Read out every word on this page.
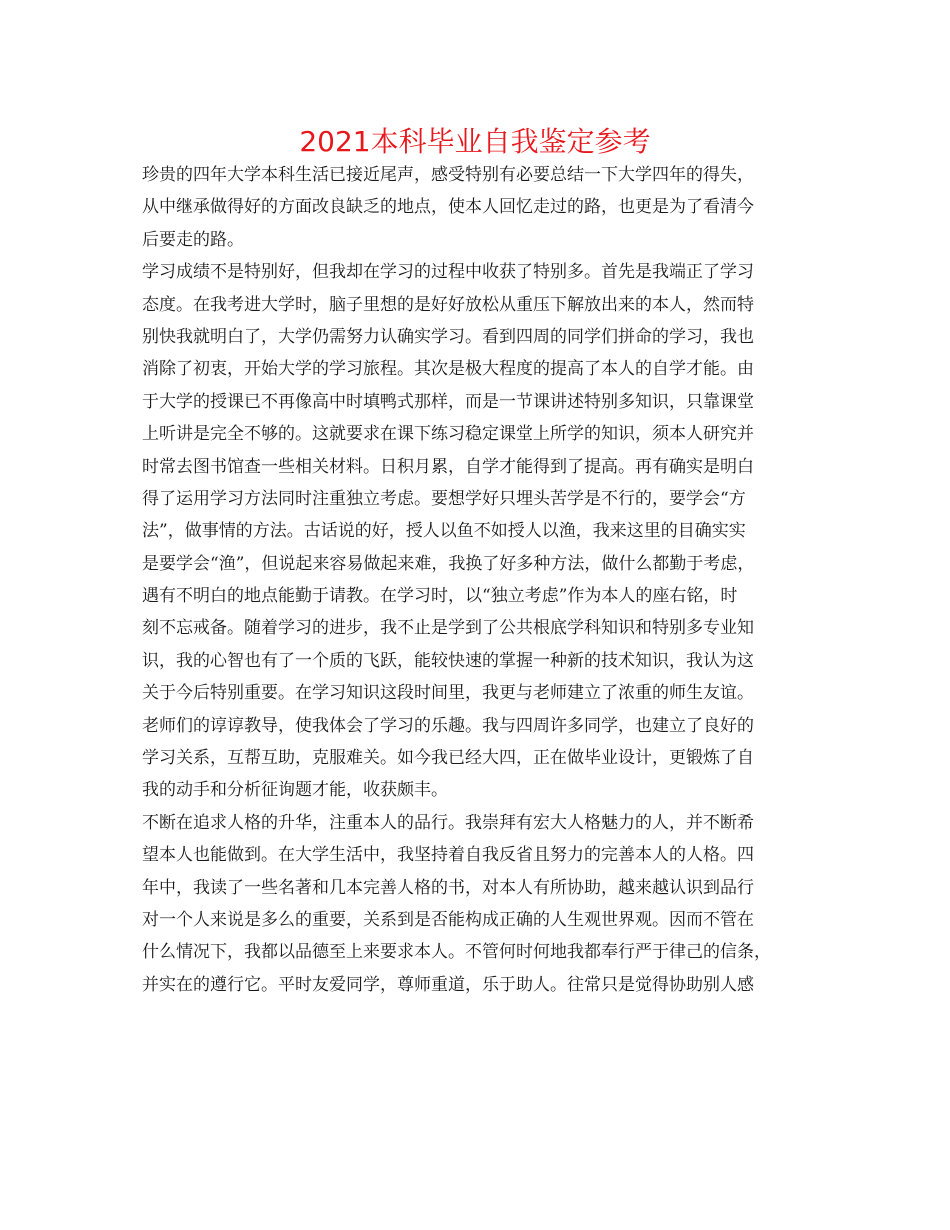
2021本科毕业自我鉴定参考
珍贵的四年大学本科生活已接近尾声，感受特别有必要总结一下大学四年的得失，
从中继承做得好的方面改良缺乏的地点，使本人回忆走过的路，也更是为了看清今
后要走的路。
学习成绩不是特别好，但我却在学习的过程中收获了特别多。首先是我端正了学习
态度。在我考进大学时，脑子里想的是好好放松从重压下解放出来的本人，然而特
别快我就明白了，大学仍需努力认确实学习。看到四周的同学们拼命的学习，我也
消除了初衷，开始大学的学习旅程。其次是极大程度的提高了本人的自学才能。由
于大学的授课已不再像高中时填鸭式那样，而是一节课讲述特别多知识，只靠课堂
上听讲是完全不够的。这就要求在课下练习稳定课堂上所学的知识，须本人研究并
时常去图书馆查一些相关材料。日积月累，自学才能得到了提高。再有确实是明白
得了运用学习方法同时注重独立考虑。要想学好只埋头苦学是不行的，要学会“方
法”，做事情的方法。古话说的好，授人以鱼不如授人以渔，我来这里的目确实实
是要学会“渔”，但说起来容易做起来难，我换了好多种方法，做什么都勤于考虑，
遇有不明白的地点能勤于请教。在学习时，以“独立考虑”作为本人的座右铭，时
刻不忘戒备。随着学习的进步，我不止是学到了公共根底学科知识和特别多专业知
识，我的心智也有了一个质的飞跃，能较快速的掌握一种新的技术知识，我认为这
关于今后特别重要。在学习知识这段时间里，我更与老师建立了浓重的师生友谊。
老师们的谆谆教导，使我体会了学习的乐趣。我与四周许多同学，也建立了良好的
学习关系，互帮互助，克服难关。如今我已经大四，正在做毕业设计，更锻炼了自
我的动手和分析征询题才能，收获颇丰。
不断在追求人格的升华，注重本人的品行。我崇拜有宏大人格魅力的人，并不断希
望本人也能做到。在大学生活中，我坚持着自我反省且努力的完善本人的人格。四
年中，我读了一些名著和几本完善人格的书，对本人有所协助，越来越认识到品行
对一个人来说是多么的重要，关系到是否能构成正确的人生观世界观。因而不管在
什么情况下，我都以品德至上来要求本人。不管何时何地我都奉行严于律己的信条，
并实在的遵行它。平时友爱同学，尊师重道，乐于助人。往常只是觉得协助别人感
